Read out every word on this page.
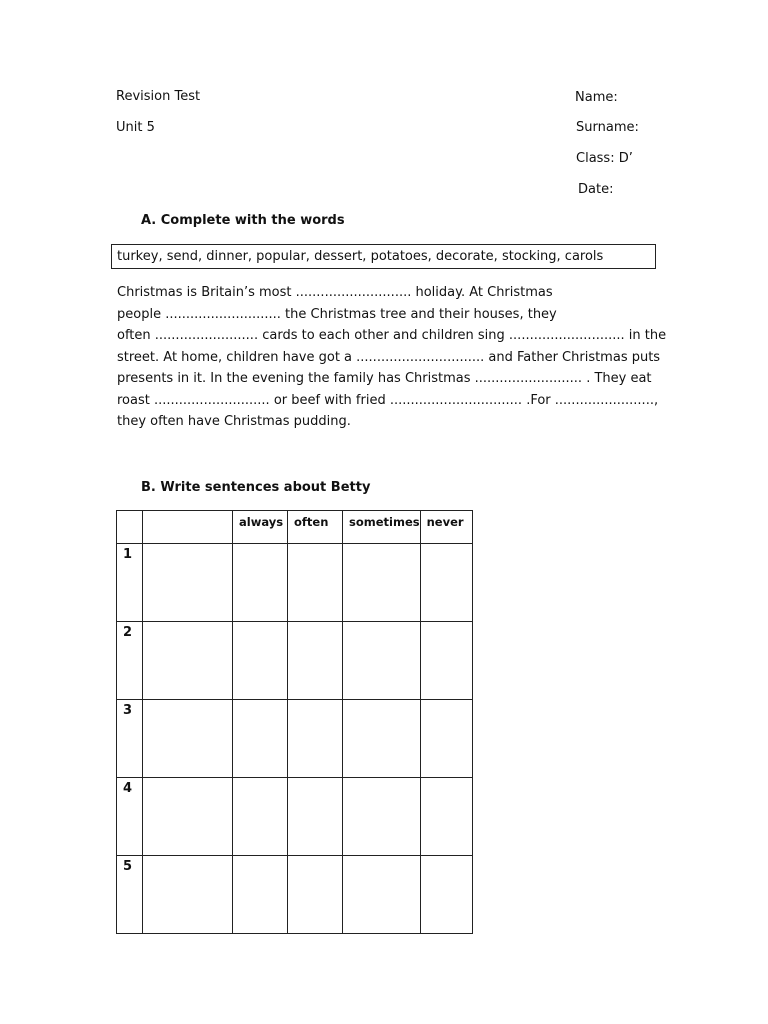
Revision Test
Unit 5
Name:
Surname:
Class: D’
Date:
A. Complete with the words
turkey, send, dinner, popular, dessert, potatoes, decorate, stocking, carols
Christmas is Britain’s most ............................ holiday. At Christmas
people ............................ the Christmas tree and their houses, they
often ......................... cards to each other and children sing ............................ in the
street. At home, children have got a ............................... and Father Christmas puts
presents in it. In the evening the family has Christmas .......................... . They eat
roast ............................ or beef with fried ................................ .For ........................,
they often have Christmas pudding.
B. Write sentences about Betty
		always	often	sometimes	never
1					
2					
3					
4					
5					
